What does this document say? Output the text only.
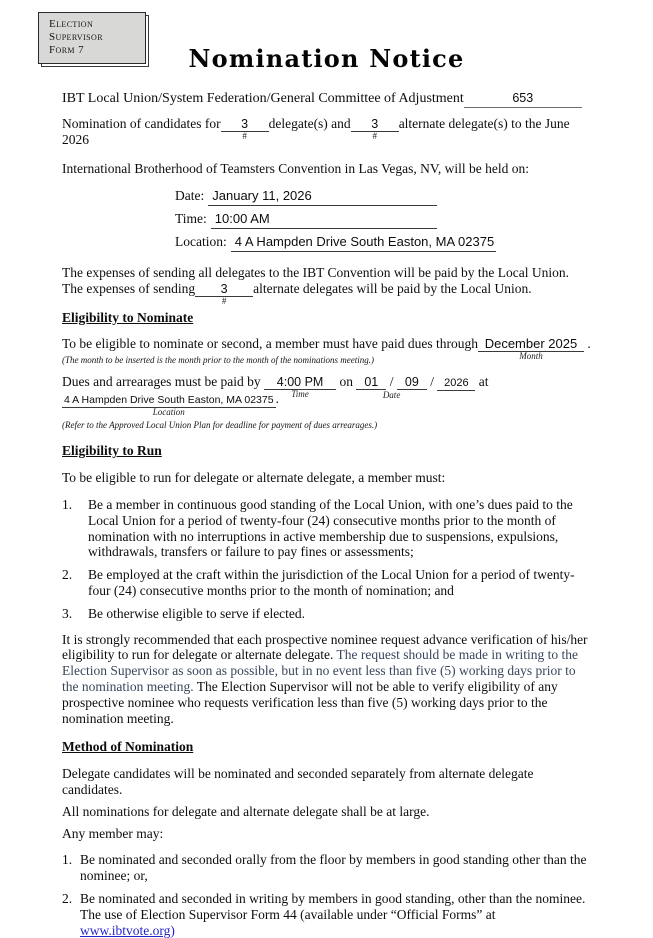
Election
Supervisor
Form 7	Nomination Notice

IBT Local Union/System Federation/General Committee of Adjustment	653

Nomination of candidates for 3
#
delegate(s) and 3
#
alternate delegate(s) to the June 2026

International Brotherhood of Teamsters Convention in Las Vegas, NV, will be held on:

Date: January 11, 2026
Time: 10:00 AM
Location: 4 A Hampden Drive South Easton, MA 02375

The expenses of sending all delegates to the IBT Convention will be paid by the Local Union.

The expenses of sending 3
#
alternate delegates will be paid by the Local Union.

Eligibility to Nominate

To be eligible to nominate or second, a member must have paid dues through December 2025
Month
.

(The month to be inserted is the month prior to the month of the nominations meeting.)

Dues and arrearages must be paid by 4:00 PM
Time
on 01 / 09
Date
/ 2026 at 4 A Hampden Drive South Easton, MA 02375
Location
.

(Refer to the Approved Local Union Plan for deadline for payment of dues arrearages.)

Eligibility to Run

To be eligible to run for delegate or alternate delegate, a member must:

1.	Be a member in continuous good standing of the Local Union, with one’s dues paid to the Local Union for a period of twenty-four (24) consecutive months prior to the month of nomination with no interruptions in active membership due to suspensions, expulsions, withdrawals, transfers or failure to pay fines or assessments;
2.	Be employed at the craft within the jurisdiction of the Local Union for a period of twenty-four (24) consecutive months prior to the month of nomination; and
3.	Be otherwise eligible to serve if elected.

It is strongly recommended that each prospective nominee request advance verification of his/her eligibility to run for delegate or alternate delegate. The request should be made in writing to the Election Supervisor as soon as possible, but in no event less than five (5) working days prior to the nomination meeting. The Election Supervisor will not be able to verify eligibility of any prospective nominee who requests verification less than five (5) working days prior to the nomination meeting.

Method of Nomination

Delegate candidates will be nominated and seconded separately from alternate delegate candidates.

All nominations for delegate and alternate delegate shall be at large.

Any member may:

1. Be nominated and seconded orally from the floor by members in good standing other than the nominee; or,
2. Be nominated and seconded in writing by members in good standing, other than the nominee. The use of Election Supervisor Form 44 (available under “Official Forms” at www.ibtvote.org)
